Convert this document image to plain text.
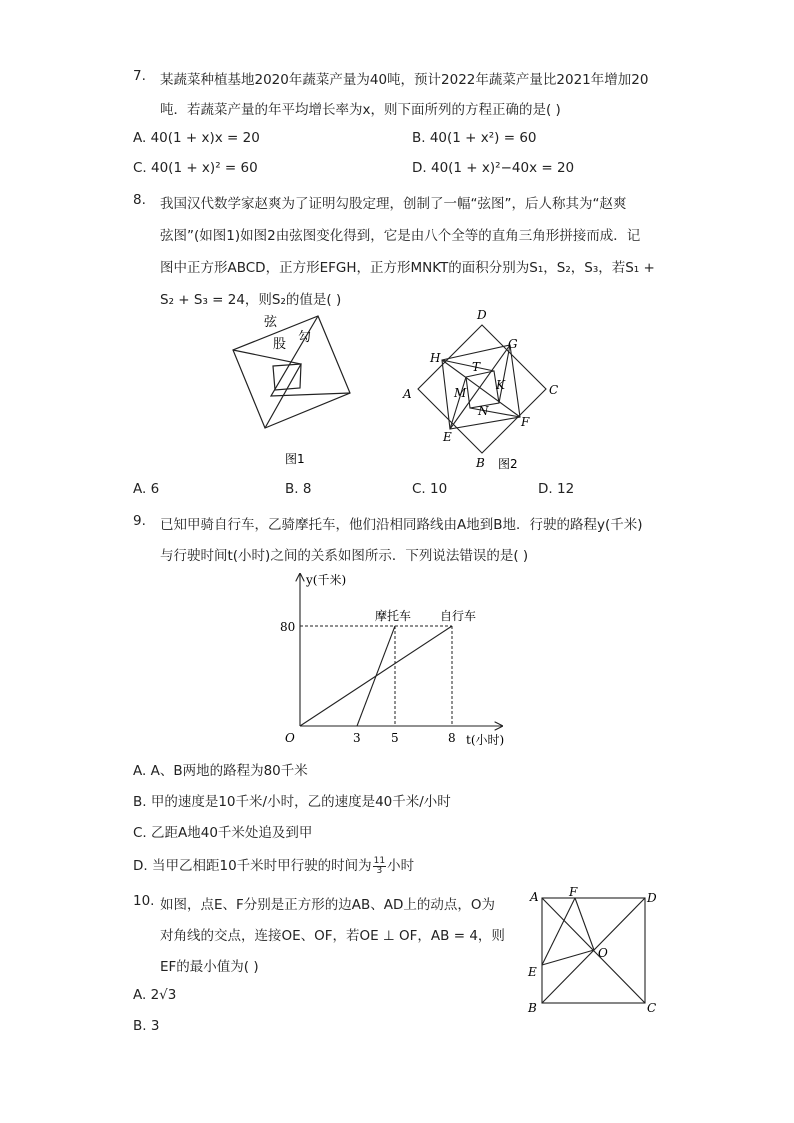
7. 某蔬菜种植基地2020年蔬菜产量为40吨，预计2022年蔬菜产量比2021年增加20
吨．若蔬菜产量的年平均增长率为x，则下面所列的方程正确的是( )
A. 40(1 + x)x = 20	B. 40(1 + x²) = 60
C. 40(1 + x)² = 60	D. 40(1 + x)²−40x = 20
8. 我国汉代数学家赵爽为了证明勾股定理，创制了一幅“弦图”，后人称其为“赵爽
弦图”(如图1)如图2由弦图变化得到，它是由八个全等的直角三角形拼接而成．记
图中正方形ABCD，正方形EFGH，正方形MNKT的面积分别为S₁，S₂，S₃，若S₁ +
S₂ + S₃ = 24，则S₂的值是( )
弦
股 勾
图1
D
H
G
T
A
K	C
M
N
E
F
B 图2
A. 6	B. 8	C. 10	D. 12
9. 已知甲骑自行车，乙骑摩托车，他们沿相同路线由A地到B地．行驶的路程y(千米)
与行驶时间t(小时)之间的关系如图所示．下列说法错误的是( )
摩托车 自行车
3	5	8
80
y(千米)
t(小时)
O
A. A、B两地的路程为80千米
B. 甲的速度是10千米/小时，乙的速度是40千米/小时
C. 乙距A地40千米处追及到甲
D. 当甲乙相距10千米时甲行驶的时间为 $\frac{11}{3}$ 小时
10. 如图，点E、F分别是正方形的边AB、AD上的动点，O为
对角线的交点，连接OE、OF，若OE ⊥ OF，AB = 4，则
EF的最小值为( )
A. 2√3
B. 3
A	F	D
O
E
B	C
